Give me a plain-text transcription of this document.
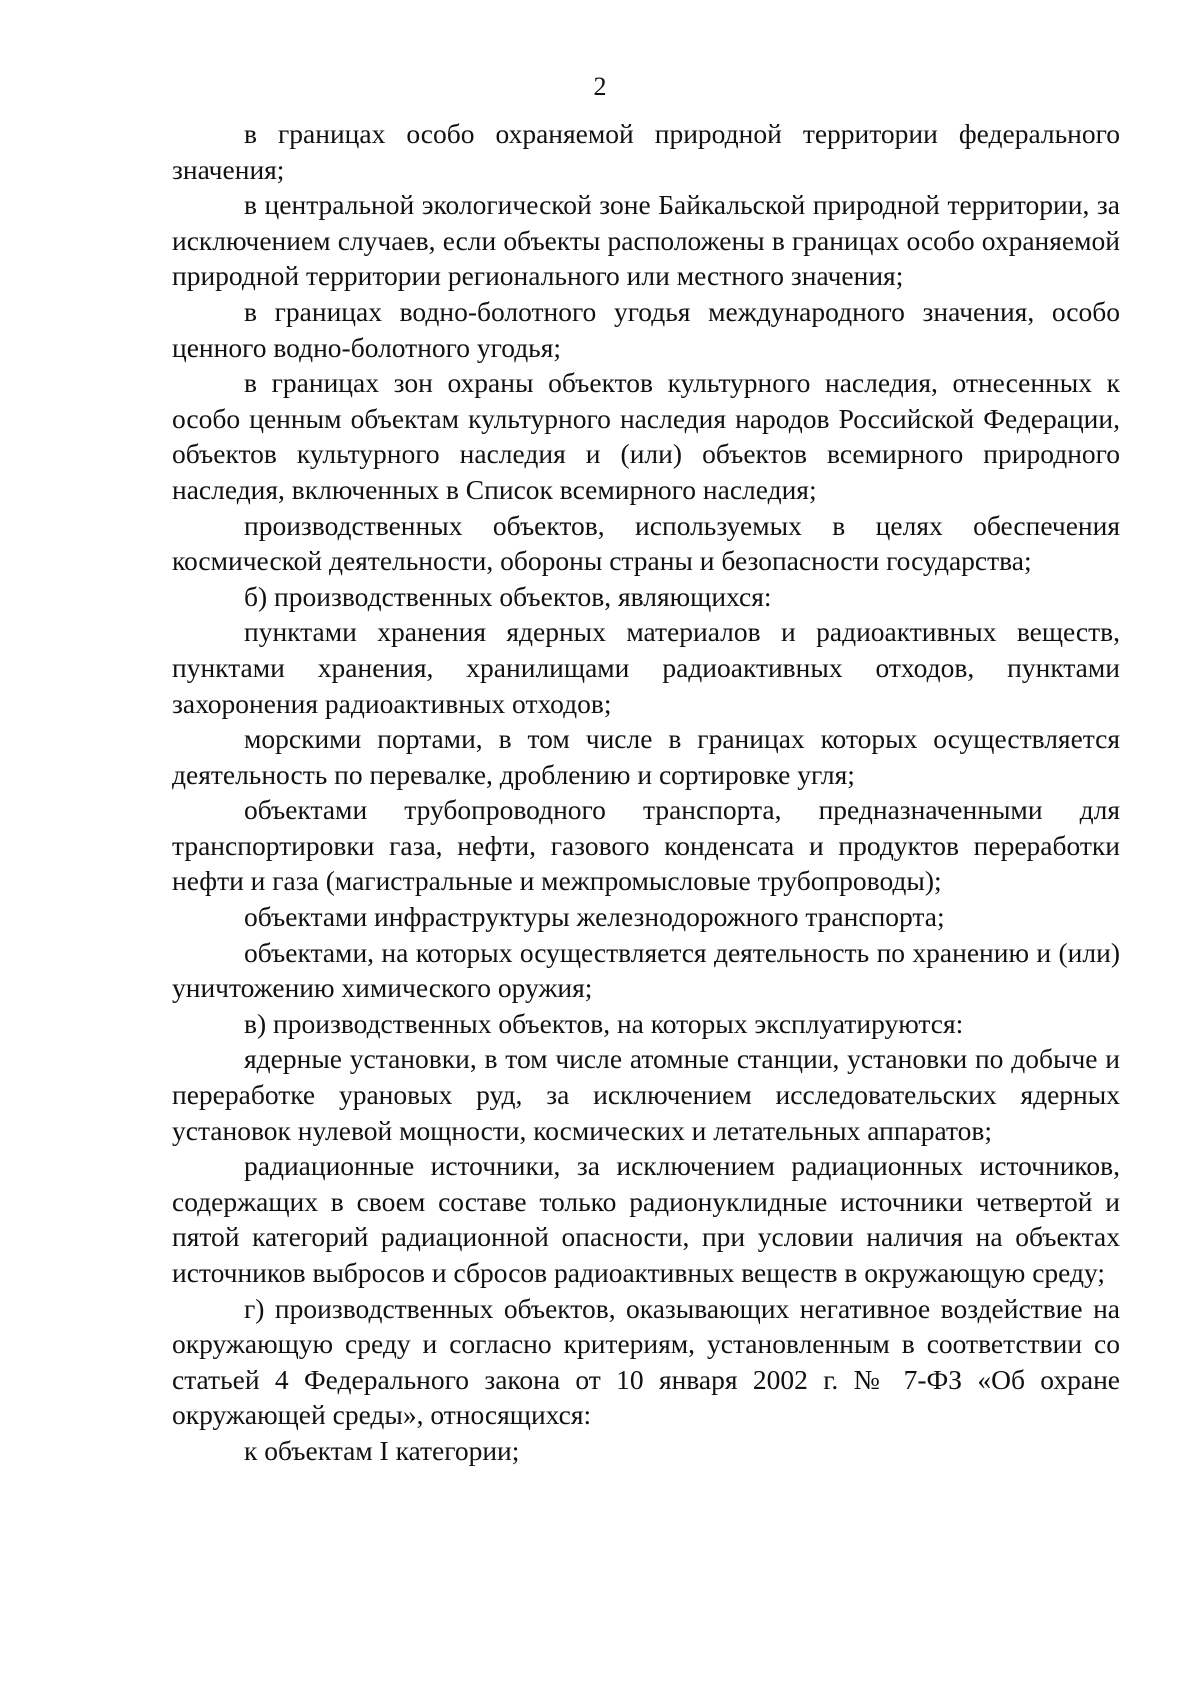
2

в границах особо охраняемой природной территории федерального значения;

в центральной экологической зоне Байкальской природной территории, за исключением случаев, если объекты расположены в границах особо охраняемой природной территории регионального или местного значения;

в границах водно-болотного угодья международного значения, особо ценного водно-болотного угодья;

в границах зон охраны объектов культурного наследия, отнесенных к особо ценным объектам культурного наследия народов Российской Федерации, объектов культурного наследия и (или) объектов всемирного природного наследия, включенных в Список всемирного наследия;

производственных объектов, используемых в целях обеспечения космической деятельности, обороны страны и безопасности государства;

б) производственных объектов, являющихся:

пунктами хранения ядерных материалов и радиоактивных веществ, пунктами хранения, хранилищами радиоактивных отходов, пунктами захоронения радиоактивных отходов;

морскими портами, в том числе в границах которых осуществляется деятельность по перевалке, дроблению и сортировке угля;

объектами трубопроводного транспорта, предназначенными для транспортировки газа, нефти, газового конденсата и продуктов переработки нефти и газа (магистральные и межпромысловые трубопроводы);

объектами инфраструктуры железнодорожного транспорта;

объектами, на которых осуществляется деятельность по хранению и (или) уничтожению химического оружия;

в) производственных объектов, на которых эксплуатируются:

ядерные установки, в том числе атомные станции, установки по добыче и переработке урановых руд, за исключением исследовательских ядерных установок нулевой мощности, космических и летательных аппаратов;

радиационные источники, за исключением радиационных источников, содержащих в своем составе только радионуклидные источники четвертой и пятой категорий радиационной опасности, при условии наличия на объектах источников выбросов и сбросов радиоактивных веществ в окружающую среду;

г) производственных объектов, оказывающих негативное воздействие на окружающую среду и согласно критериям, установленным в соответствии со статьей 4 Федерального закона от 10 января 2002 г. № 7-ФЗ «Об охране окружающей среды», относящихся:

к объектам I категории;
